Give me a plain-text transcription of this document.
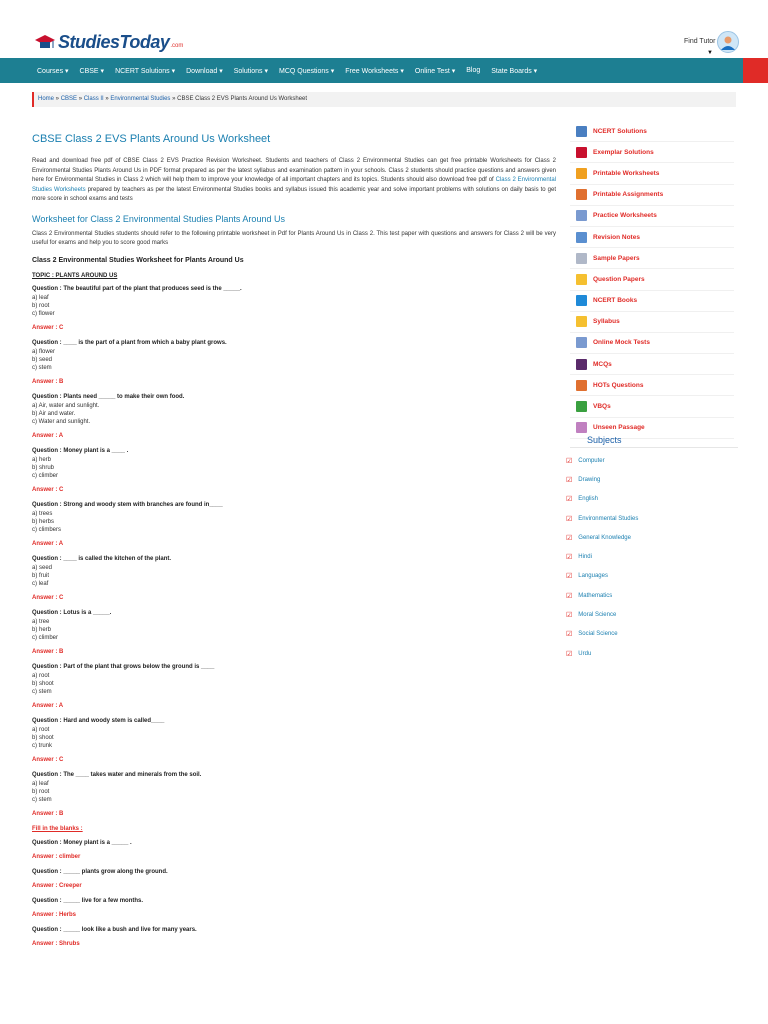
StudiesToday .com
Find Tutor
▼
Courses ▾ CBSE ▾ NCERT Solutions ▾ Download ▾ Solutions ▾ MCQ Questions ▾ Free Worksheets ▾ Online Test ▾ Blog State Boards ▾
Home » CBSE » Class II » Environmental Studies » CBSE Class 2 EVS Plants Around Us Worksheet
CBSE Class 2 EVS Plants Around Us Worksheet

Read and download free pdf of CBSE Class 2 EVS Practice Revision Worksheet. Students and teachers of Class 2 Environmental Studies can get free printable Worksheets for Class 2 Environmental Studies Plants Around Us in PDF format prepared as per the latest syllabus and examination pattern in your schools. Class 2 students should practice questions and answers given here for Environmental Studies in Class 2 which will help them to improve your knowledge of all important chapters and its topics. Students should also download free pdf of Class 2 Environmental Studies Worksheets prepared by teachers as per the latest Environmental Studies books and syllabus issued this academic year and solve important problems with solutions on daily basis to get more score in school exams and tests

Worksheet for Class 2 Environmental Studies Plants Around Us

Class 2 Environmental Studies students should refer to the following printable worksheet in Pdf for Plants Around Us in Class 2. This test paper with questions and answers for Class 2 will be very useful for exams and help you to score good marks

Class 2 Environmental Studies Worksheet for Plants Around Us

TOPIC : PLANTS AROUND US

Question : The beautiful part of the plant that produces seed is the _____.

a) leaf

b) root

c) flower

Answer : C

Question : ____ is the part of a plant from which a baby plant grows.

a) flower

b) seed

c) stem

Answer : B

Question : Plants need _____ to make their own food.

a) Air, water and sunlight.

b) Air and water.

c) Water and sunlight.

Answer : A

Question : Money plant is a ____ .

a) herb

b) shrub

c) climber

Answer : C

Question : Strong and woody stem with branches are found in____

a) trees

b) herbs

c) climbers

Answer : A

Question : ____ is called the kitchen of the plant.

a) seed

b) fruit

c) leaf

Answer : C

Question : Lotus is a _____.

a) tree

b) herb

c) climber

Answer : B

Question : Part of the plant that grows below the ground is ____

a) root

b) shoot

c) stem

Answer : A

Question : Hard and woody stem is called____

a) root

b) shoot

c) trunk

Answer : C

Question : The ____ takes water and minerals from the soil.

a) leaf

b) root

c) stem

Answer : B

Fill in the blanks :

Question : Money plant is a _____ .

Answer : climber

Question : _____ plants grow along the ground.

Answer : Creeper

Question : _____ live for a few months.

Answer : Herbs

Question : _____ look like a bush and live for many years.

Answer : Shrubs

NCERT Solutions
Exemplar Solutions
Printable Worksheets
Printable Assignments
Practice Worksheets
Revision Notes
Sample Papers
Question Papers
NCERT Books
Syllabus
Online Mock Tests
MCQs
HOTs Questions
VBQs
Unseen Passage
Subjects
☑ Computer
☑ Drawing
☑ English
☑ Environmental Studies
☑ General Knowledge
☑ Hindi
☑ Languages
☑ Mathematics
☑ Moral Science
☑ Social Science
☑ Urdu
